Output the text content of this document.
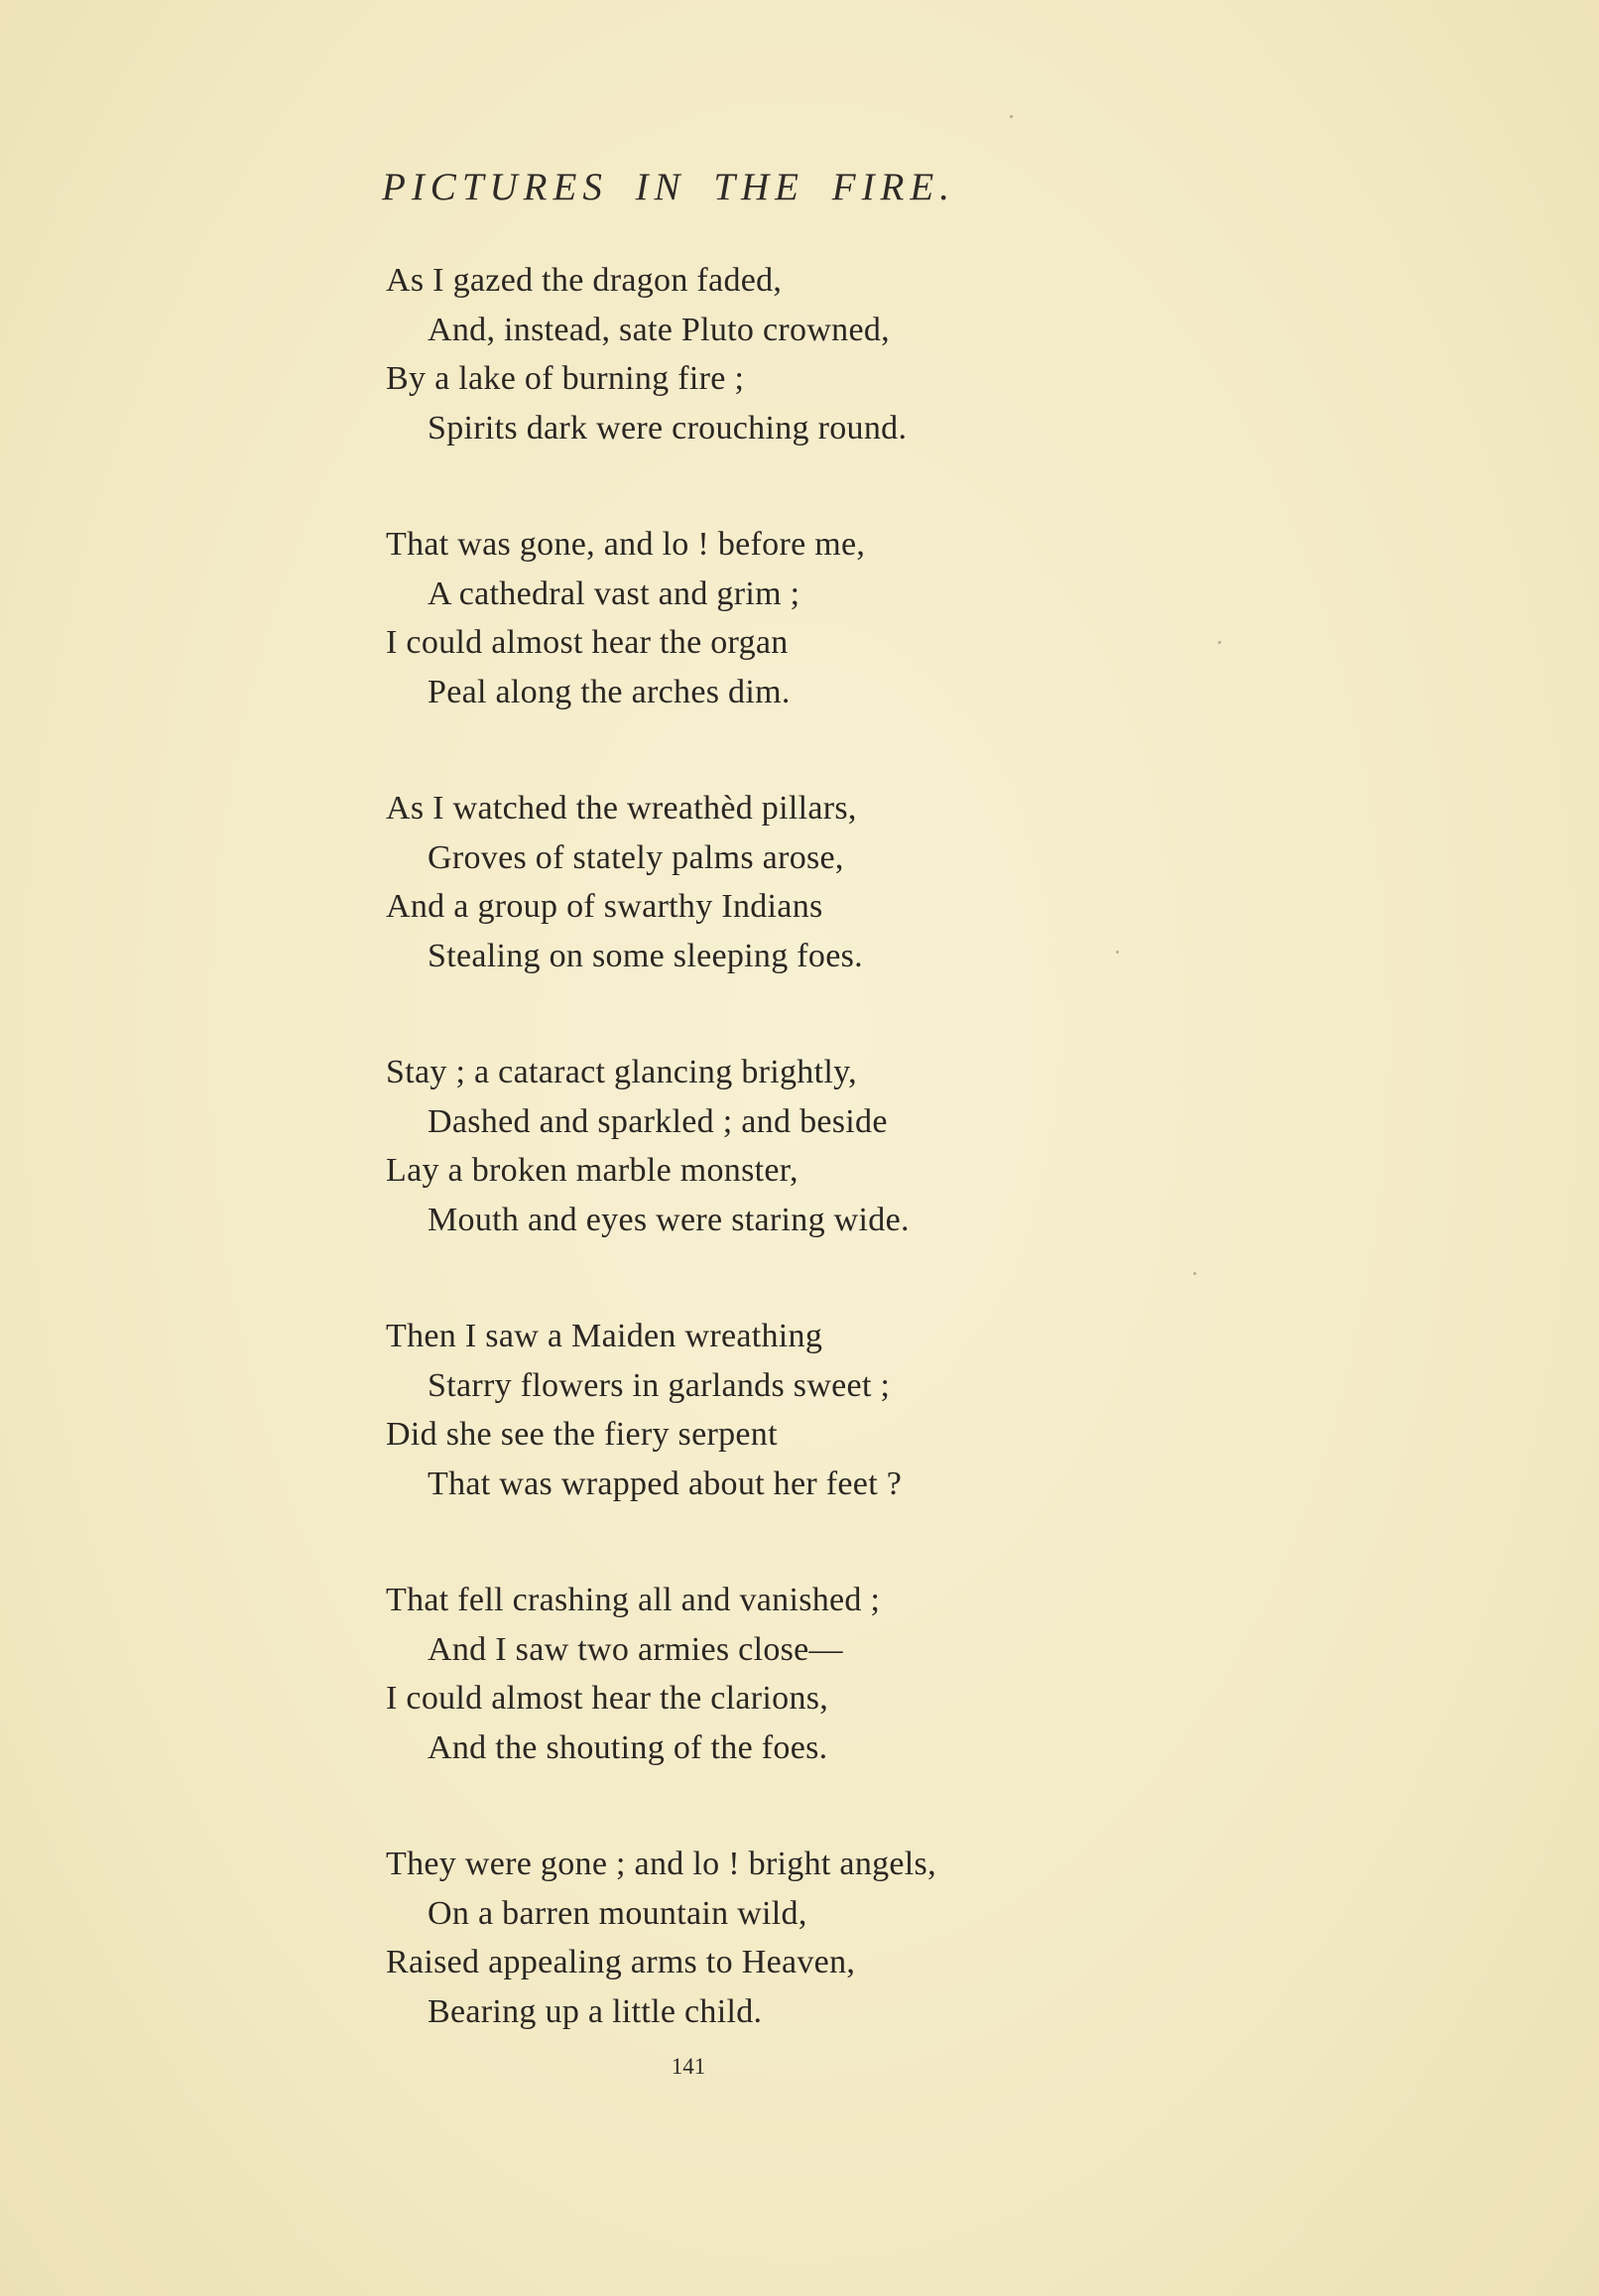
PICTURES IN THE FIRE.
As I gazed the dragon faded,
And, instead, sate Pluto crowned,
By a lake of burning fire ;
Spirits dark were crouching round.
That was gone, and lo ! before me,
A cathedral vast and grim ;
I could almost hear the organ
Peal along the arches dim.
As I watched the wreathèd pillars,
Groves of stately palms arose,
And a group of swarthy Indians
Stealing on some sleeping foes.
Stay ; a cataract glancing brightly,
Dashed and sparkled ; and beside
Lay a broken marble monster,
Mouth and eyes were staring wide.
Then I saw a Maiden wreathing
Starry flowers in garlands sweet ;
Did she see the fiery serpent
That was wrapped about her feet ?
That fell crashing all and vanished ;
And I saw two armies close—
I could almost hear the clarions,
And the shouting of the foes.
They were gone ; and lo ! bright angels,
On a barren mountain wild,
Raised appealing arms to Heaven,
Bearing up a little child.
141
